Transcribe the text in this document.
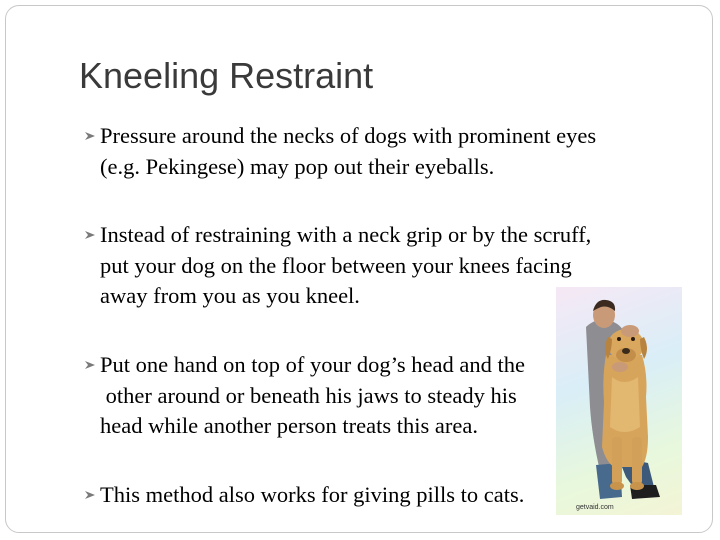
Kneeling Restraint
Pressure around the necks of dogs with prominent eyes
(e.g. Pekingese) may pop out their eyeballs.
Instead of restraining with a neck grip or by the scruff,
put your dog on the floor between your knees facing
away from you as you kneel.
Put one hand on top of your dog’s head and the
other around or beneath his jaws to steady his
head while another person treats this area.
This method also works for giving pills to cats.
getvaid.com
